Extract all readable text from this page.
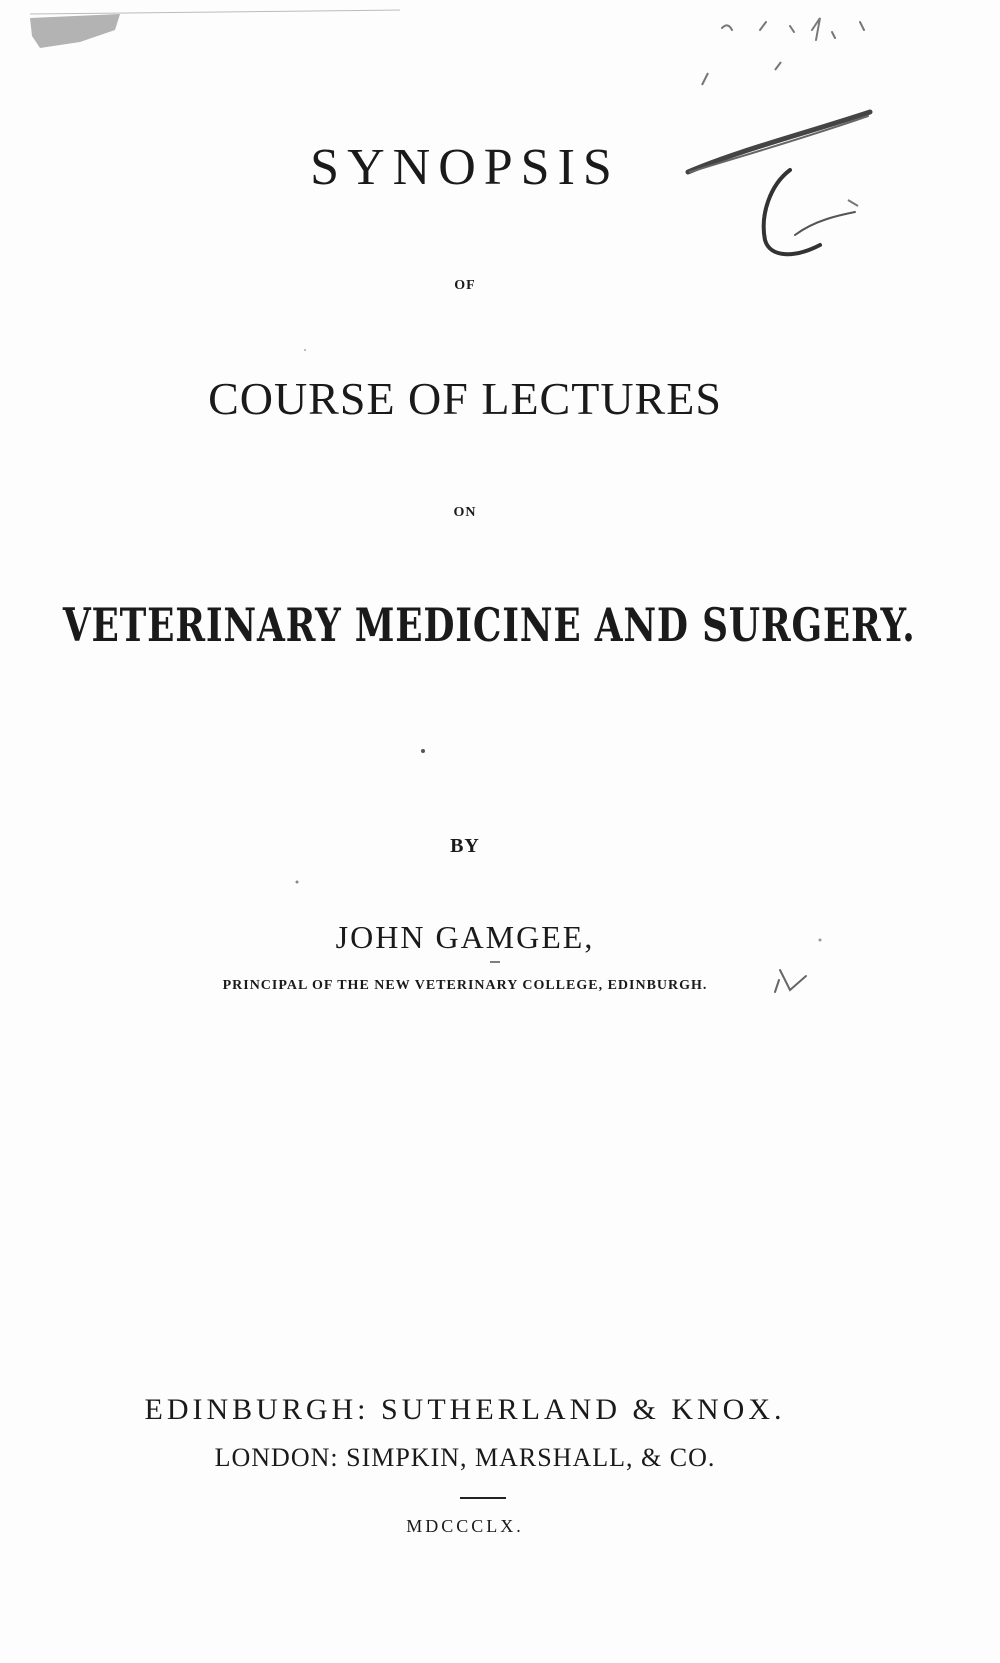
SYNOPSIS
OF
COURSE OF LECTURES
ON
VETERINARY MEDICINE AND SURGERY.
BY
JOHN GAMGEE,
PRINCIPAL OF THE NEW VETERINARY COLLEGE, EDINBURGH.
EDINBURGH: SUTHERLAND & KNOX.
LONDON: SIMPKIN, MARSHALL, & CO.
MDCCCLX.
